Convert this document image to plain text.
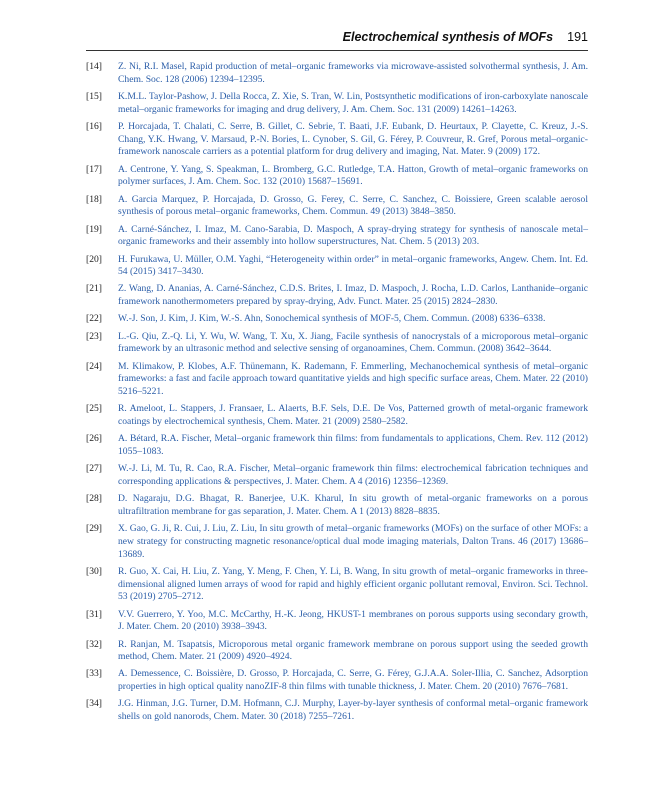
Electrochemical synthesis of MOFs 191
[14] Z. Ni, R.I. Masel, Rapid production of metal–organic frameworks via microwave-assisted solvothermal synthesis, J. Am. Chem. Soc. 128 (2006) 12394–12395.
[15] K.M.L. Taylor-Pashow, J. Della Rocca, Z. Xie, S. Tran, W. Lin, Postsynthetic modifications of iron-carboxylate nanoscale metal–organic frameworks for imaging and drug delivery, J. Am. Chem. Soc. 131 (2009) 14261–14263.
[16] P. Horcajada, T. Chalati, C. Serre, B. Gillet, C. Sebrie, T. Baati, J.F. Eubank, D. Heurtaux, P. Clayette, C. Kreuz, J.-S. Chang, Y.K. Hwang, V. Marsaud, P.-N. Bories, L. Cynober, S. Gil, G. Férey, P. Couvreur, R. Gref, Porous metal–organic-framework nanoscale carriers as a potential platform for drug delivery and imaging, Nat. Mater. 9 (2009) 172.
[17] A. Centrone, Y. Yang, S. Speakman, L. Bromberg, G.C. Rutledge, T.A. Hatton, Growth of metal–organic frameworks on polymer surfaces, J. Am. Chem. Soc. 132 (2010) 15687–15691.
[18] A. Garcia Marquez, P. Horcajada, D. Grosso, G. Ferey, C. Serre, C. Sanchez, C. Boissiere, Green scalable aerosol synthesis of porous metal–organic frameworks, Chem. Commun. 49 (2013) 3848–3850.
[19] A. Carné-Sánchez, I. Imaz, M. Cano-Sarabia, D. Maspoch, A spray-drying strategy for synthesis of nanoscale metal–organic frameworks and their assembly into hollow superstructures, Nat. Chem. 5 (2013) 203.
[20] H. Furukawa, U. Müller, O.M. Yaghi, “Heterogeneity within order” in metal–organic frameworks, Angew. Chem. Int. Ed. 54 (2015) 3417–3430.
[21] Z. Wang, D. Ananias, A. Carné-Sánchez, C.D.S. Brites, I. Imaz, D. Maspoch, J. Rocha, L.D. Carlos, Lanthanide–organic framework nanothermometers prepared by spray-drying, Adv. Funct. Mater. 25 (2015) 2824–2830.
[22] W.-J. Son, J. Kim, J. Kim, W.-S. Ahn, Sonochemical synthesis of MOF-5, Chem. Commun. (2008) 6336–6338.
[23] L.-G. Qiu, Z.-Q. Li, Y. Wu, W. Wang, T. Xu, X. Jiang, Facile synthesis of nanocrystals of a microporous metal–organic framework by an ultrasonic method and selective sensing of organoamines, Chem. Commun. (2008) 3642–3644.
[24] M. Klimakow, P. Klobes, A.F. Thünemann, K. Rademann, F. Emmerling, Mechanochemical synthesis of metal–organic frameworks: a fast and facile approach toward quantitative yields and high specific surface areas, Chem. Mater. 22 (2010) 5216–5221.
[25] R. Ameloot, L. Stappers, J. Fransaer, L. Alaerts, B.F. Sels, D.E. De Vos, Patterned growth of metal-organic framework coatings by electrochemical synthesis, Chem. Mater. 21 (2009) 2580–2582.
[26] A. Bétard, R.A. Fischer, Metal–organic framework thin films: from fundamentals to applications, Chem. Rev. 112 (2012) 1055–1083.
[27] W.-J. Li, M. Tu, R. Cao, R.A. Fischer, Metal–organic framework thin films: electrochemical fabrication techniques and corresponding applications & perspectives, J. Mater. Chem. A 4 (2016) 12356–12369.
[28] D. Nagaraju, D.G. Bhagat, R. Banerjee, U.K. Kharul, In situ growth of metal-organic frameworks on a porous ultrafiltration membrane for gas separation, J. Mater. Chem. A 1 (2013) 8828–8835.
[29] X. Gao, G. Ji, R. Cui, J. Liu, Z. Liu, In situ growth of metal–organic frameworks (MOFs) on the surface of other MOFs: a new strategy for constructing magnetic resonance/optical dual mode imaging materials, Dalton Trans. 46 (2017) 13686–13689.
[30] R. Guo, X. Cai, H. Liu, Z. Yang, Y. Meng, F. Chen, Y. Li, B. Wang, In situ growth of metal–organic frameworks in three-dimensional aligned lumen arrays of wood for rapid and highly efficient organic pollutant removal, Environ. Sci. Technol. 53 (2019) 2705–2712.
[31] V.V. Guerrero, Y. Yoo, M.C. McCarthy, H.-K. Jeong, HKUST-1 membranes on porous supports using secondary growth, J. Mater. Chem. 20 (2010) 3938–3943.
[32] R. Ranjan, M. Tsapatsis, Microporous metal organic framework membrane on porous support using the seeded growth method, Chem. Mater. 21 (2009) 4920–4924.
[33] A. Demessence, C. Boissière, D. Grosso, P. Horcajada, C. Serre, G. Férey, G.J.A.A. Soler-Illia, C. Sanchez, Adsorption properties in high optical quality nanoZIF-8 thin films with tunable thickness, J. Mater. Chem. 20 (2010) 7676–7681.
[34] J.G. Hinman, J.G. Turner, D.M. Hofmann, C.J. Murphy, Layer-by-layer synthesis of conformal metal–organic framework shells on gold nanorods, Chem. Mater. 30 (2018) 7255–7261.
